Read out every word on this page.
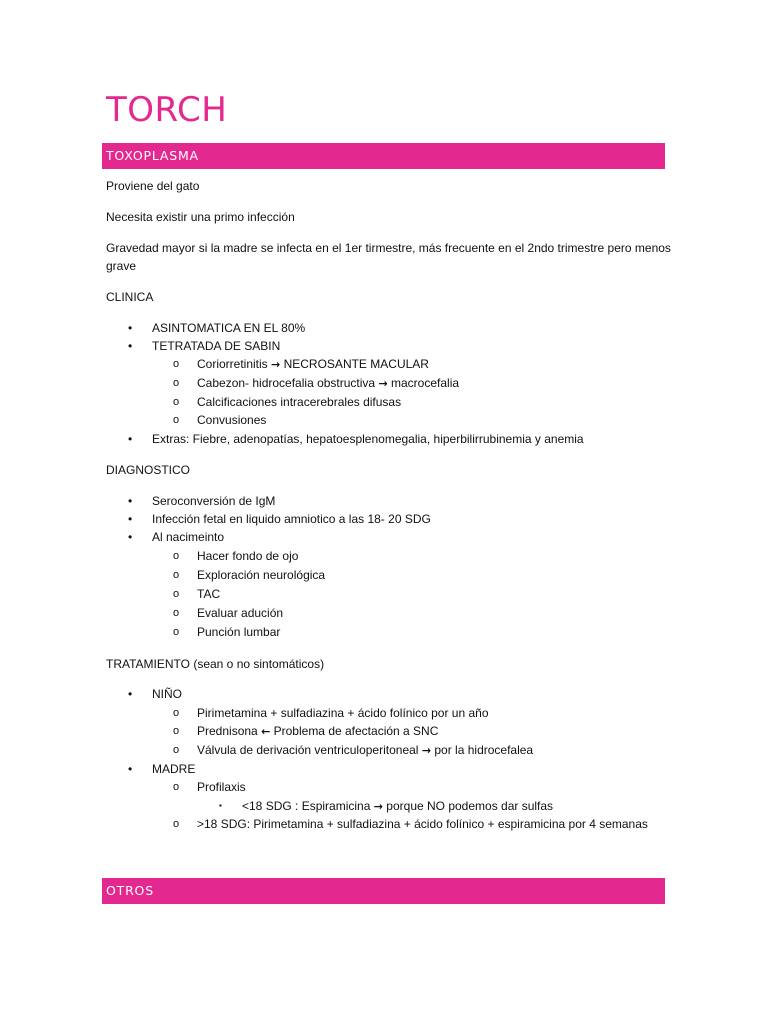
TORCH
TOXOPLASMA

Proviene del gato

Necesita existir una primo infección

Gravedad mayor si la madre se infecta en el 1er tirmestre, más frecuente en el 2ndo trimestre pero menos

grave

CLINICA

• ASINTOMATICA EN EL 80%
• TETRATADA DE SABIN
o Coriorretinitis → NECROSANTE MACULAR
o Cabezon- hidrocefalia obstructiva → macrocefalia
o Calcificaciones intracerebrales difusas
o Convusiones
• Extras: Fiebre, adenopatías, hepatoesplenomegalia, hiperbilirrubinemia y anemia

DIAGNOSTICO

• Seroconversión de IgM
• Infección fetal en liquido amniotico a las 18- 20 SDG
• Al nacimeinto
o Hacer fondo de ojo
o Exploración neurológica
o TAC
o Evaluar adución
o Punción lumbar

TRATAMIENTO (sean o no sintomáticos)

• NIÑO
o Pirimetamina + sulfadiazina + ácido folínico por un año
o Prednisona ← Problema de afectación a SNC
o Válvula de derivación ventriculoperitoneal → por la hidrocefalea
• MADRE
o Profilaxis
▪ <18 SDG : Espiramicina → porque NO podemos dar sulfas
o >18 SDG: Pirimetamina + sulfadiazina + ácido folínico + espiramicina por 4 semanas
OTROS
